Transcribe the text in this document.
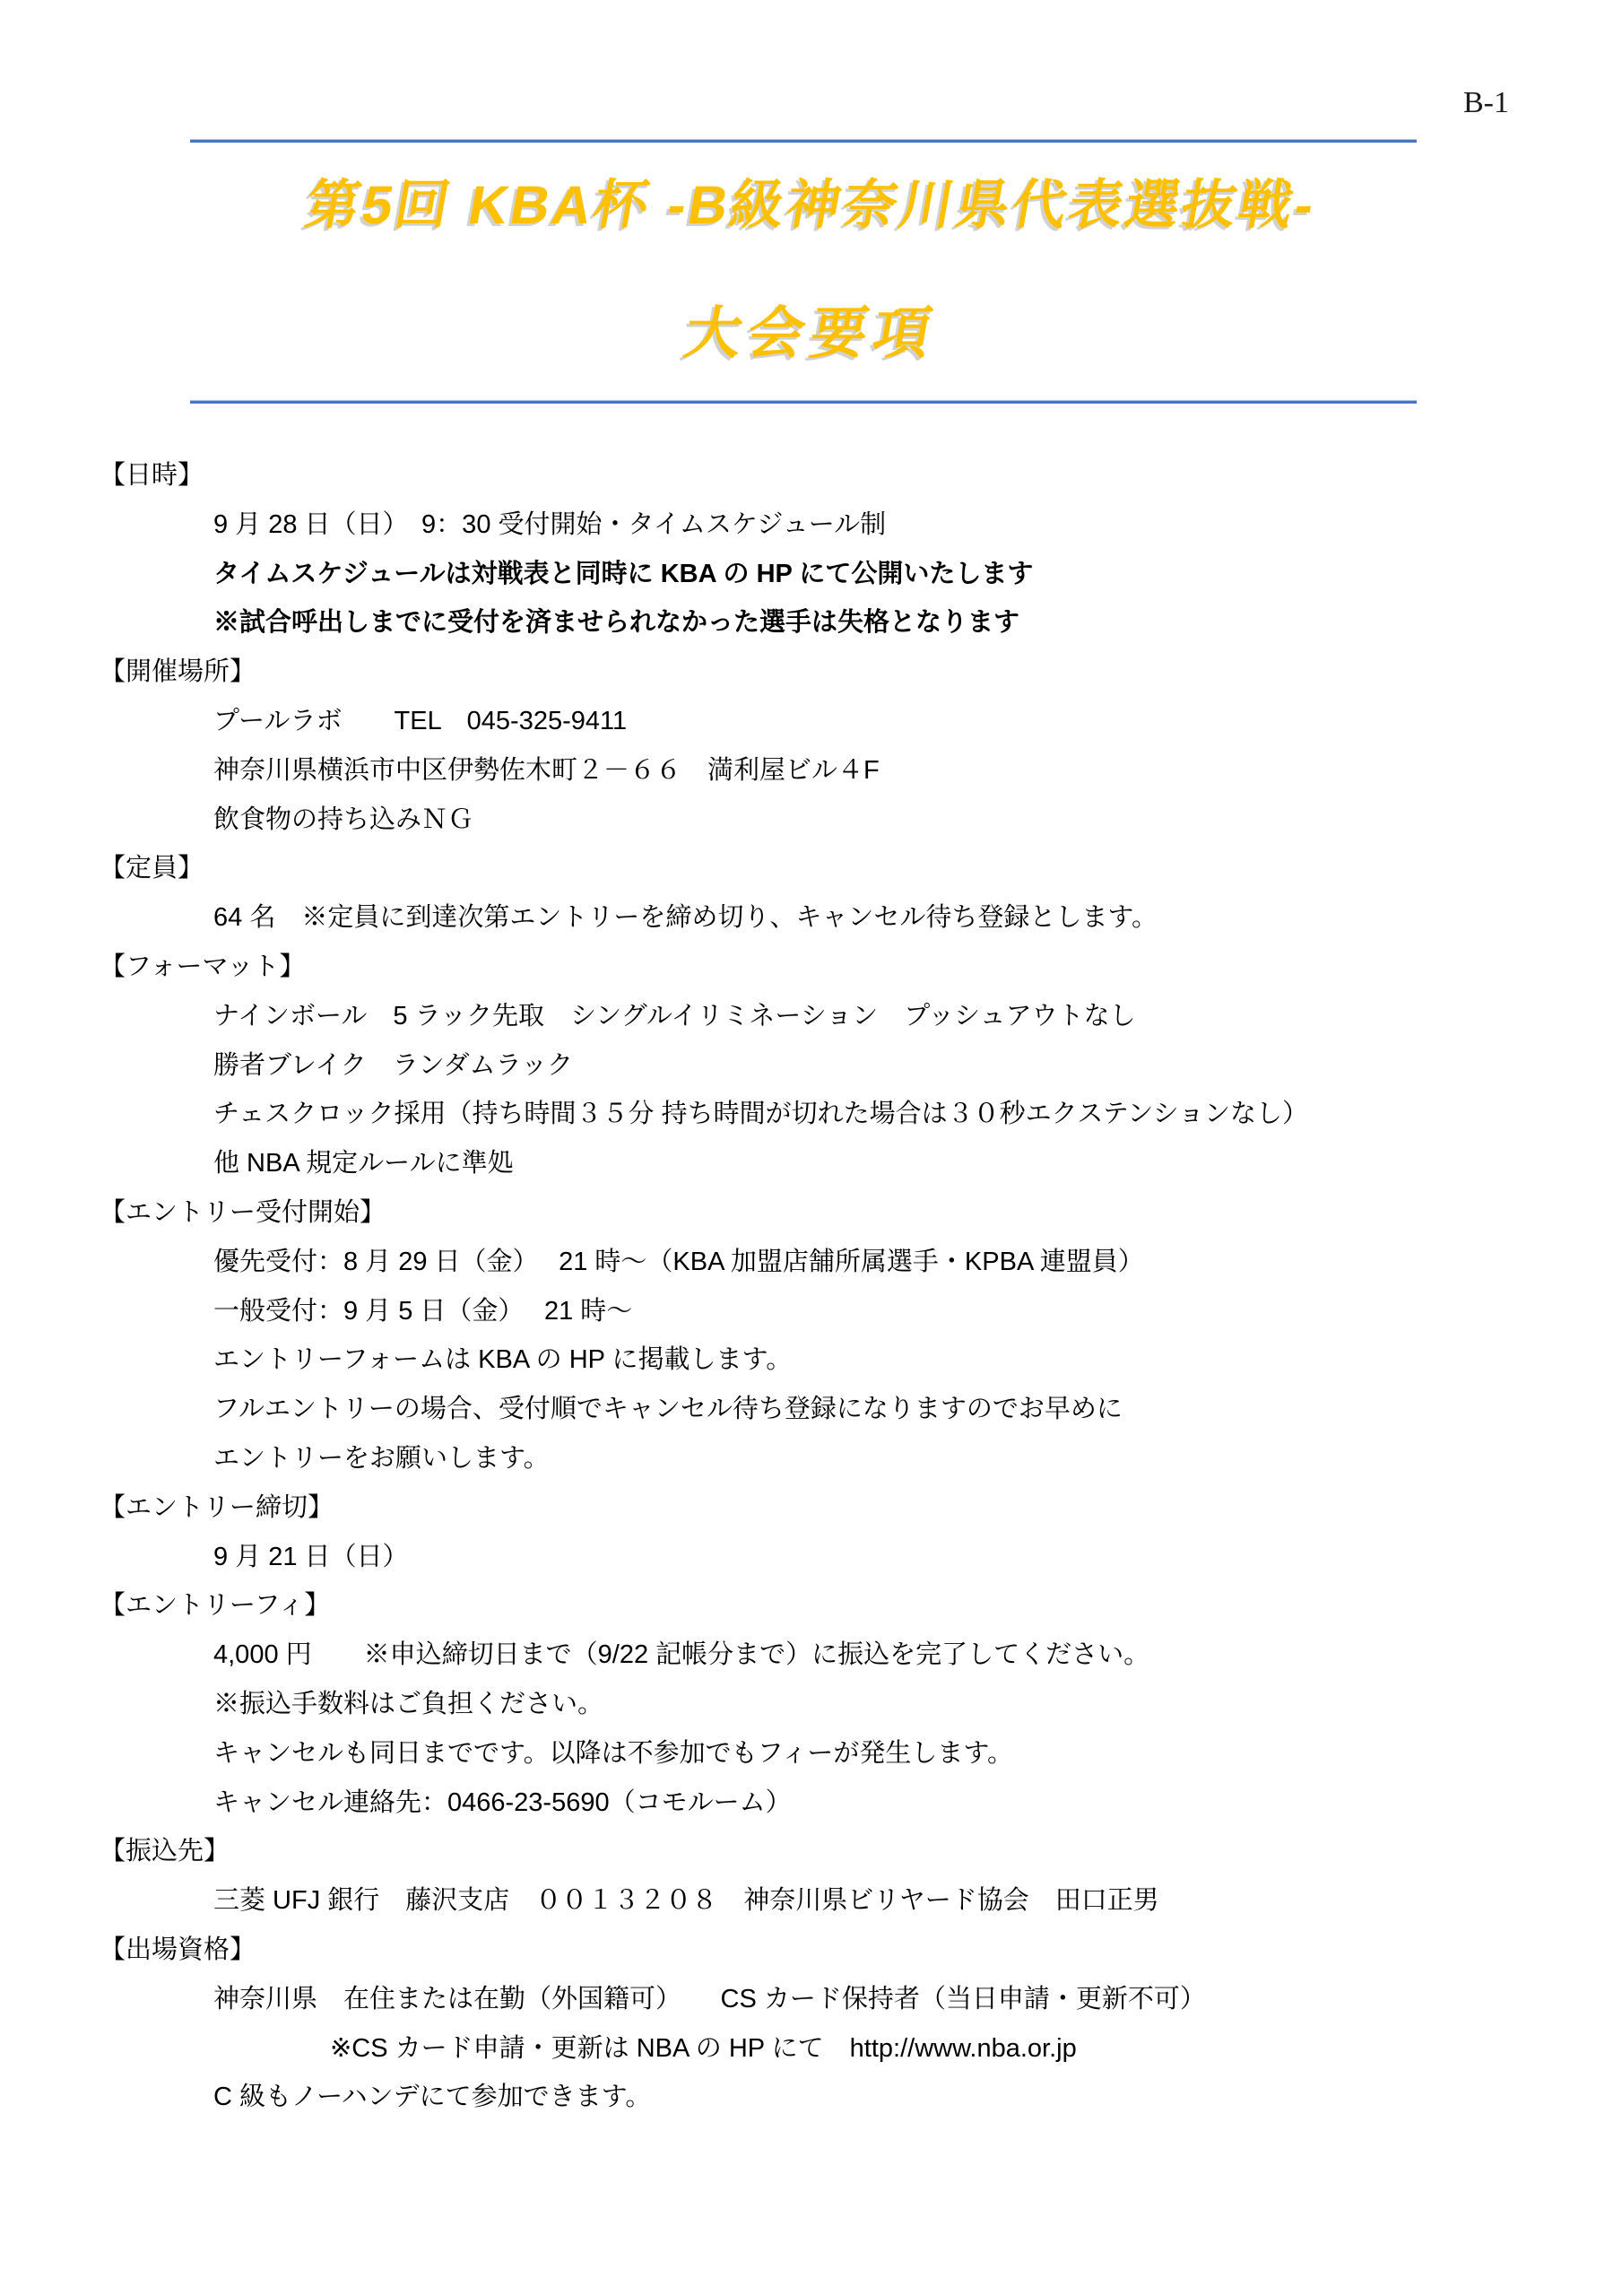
B-1
第5回 KBA杯 -B級神奈川県代表選抜戦-
大会要項
【日時】
9 月 28 日（日）　9：30 受付開始・タイムスケジュール制
タイムスケジュールは対戦表と同時に KBA の HP にて公開いたします
※試合呼出しまでに受付を済ませられなかった選手は失格となります
【開催場所】
プールラボ　　TEL　045-325-9411
神奈川県横浜市中区伊勢佐木町２－６６　満利屋ビル４F
飲食物の持ち込みＮＧ
【定員】
64 名　※定員に到達次第エントリーを締め切り、キャンセル待ち登録とします。
【フォーマット】
ナインボール　5 ラック先取　シングルイリミネーション　プッシュアウトなし
勝者ブレイク　ランダムラック
チェスクロック採用（持ち時間３５分 持ち時間が切れた場合は３０秒エクステンションなし）
他 NBA 規定ルールに準処
【エントリー受付開始】
優先受付：8 月 29 日（金）　 21 時～（KBA 加盟店舗所属選手・KPBA 連盟員）
一般受付：9 月 5 日（金）　 21 時～
エントリーフォームは KBA の HP に掲載します。
フルエントリーの場合、受付順でキャンセル待ち登録になりますのでお早めに
エントリーをお願いします。
【エントリー締切】
9 月 21 日（日）
【エントリーフィ】
4,000 円　　※申込締切日まで（9/22 記帳分まで）に振込を完了してください。
※振込手数料はご負担ください。
キャンセルも同日までです。以降は不参加でもフィーが発生します。
キャンセル連絡先：0466-23-5690（コモルーム）
【振込先】
三菱 UFJ 銀行　藤沢支店　００１３２０８　神奈川県ビリヤード協会　田口正男
【出場資格】
神奈川県　在住または在勤（外国籍可）　　CS カード保持者（当日申請・更新不可）
※CS カード申請・更新は NBA の HP にて　http://www.nba.or.jp
C 級もノーハンデにて参加できます。
